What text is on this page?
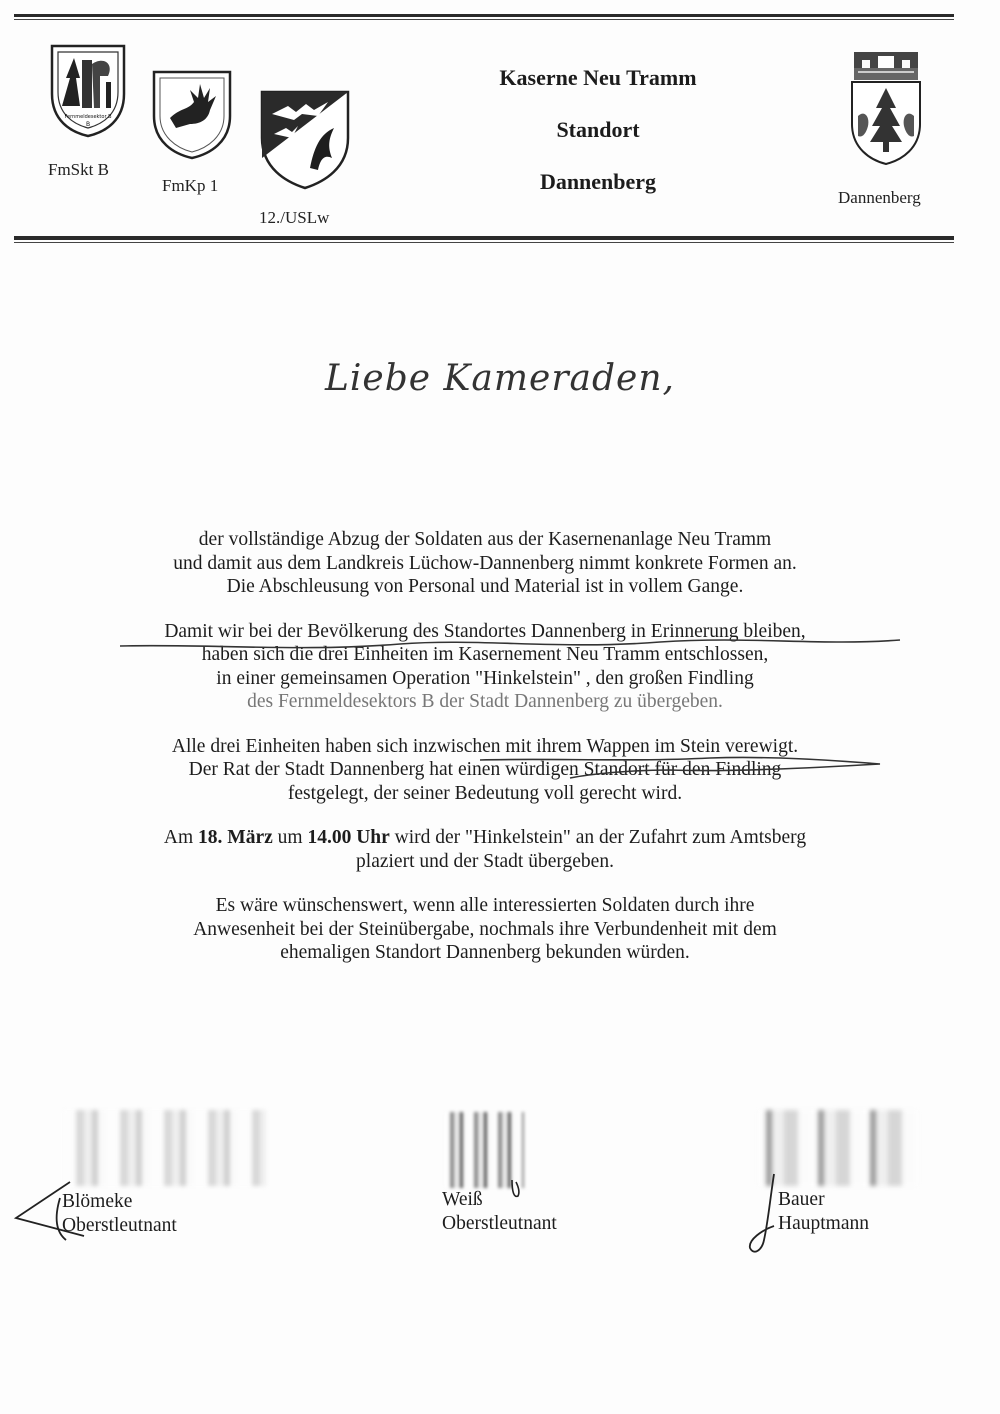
Fernmeldesektor B
B
FmSkt B
FmKp 1
12./USLw
Kaserne Neu Tramm
Standort
Dannenberg
Dannenberg
Liebe Kameraden,

der vollständige Abzug der Soldaten aus der Kasernenanlage Neu Tramm
und damit aus dem Landkreis Lüchow-Dannenberg nimmt konkrete Formen an.
Die Abschleusung von Personal und Material ist in vollem Gange.

Damit wir bei der Bevölkerung des Standortes Dannenberg in Erinnerung bleiben,
haben sich die drei Einheiten im Kasernement Neu Tramm entschlossen,
in einer gemeinsamen Operation "Hinkelstein" , den großen Findling
des Fernmeldesektors B der Stadt Dannenberg zu übergeben.

Alle drei Einheiten haben sich inzwischen mit ihrem Wappen im Stein verewigt.
Der Rat der Stadt Dannenberg hat einen würdigen Standort für den Findling
festgelegt, der seiner Bedeutung voll gerecht wird.

Am 18. März um 14.00 Uhr wird der "Hinkelstein" an der Zufahrt zum Amtsberg
plaziert und der Stadt übergeben.

Es wäre wünschenswert, wenn alle interessierten Soldaten durch ihre
Anwesenheit bei der Steinübergabe, nochmals ihre Verbundenheit mit dem
ehemaligen Standort Dannenberg bekunden würden.

Blömeke
Oberstleutnant
Weiß
Oberstleutnant
Bauer
Hauptmann
